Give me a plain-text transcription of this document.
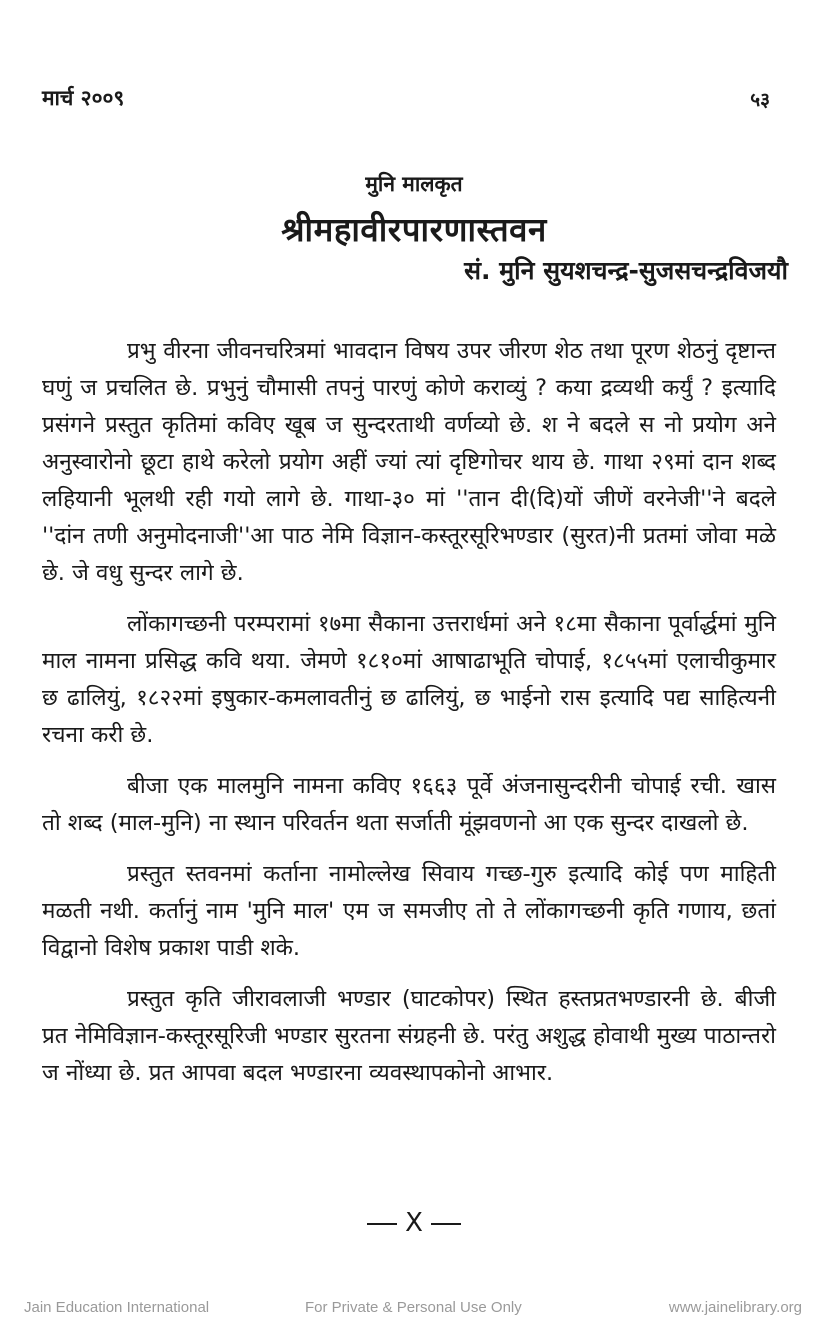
मार्च २००९	५३
मुनि मालकृत
श्रीमहावीरपारणास्तवन
सं. मुनि सुयशचन्द्र-सुजसचन्द्रविजयौ

प्रभु वीरना जीवनचरित्रमां भावदान विषय उपर जीरण शेठ तथा पूरण शेठनुं दृष्टान्त घणुं ज प्रचलित छे. प्रभुनुं चौमासी तपनुं पारणुं कोणे कराव्युं ? कया द्रव्यथी कर्युं ? इत्यादि प्रसंगने प्रस्तुत कृतिमां कविए खूब ज सुन्दरताथी वर्णव्यो छे. श ने बदले स नो प्रयोग अने अनुस्वारोनो छूटा हाथे करेलो प्रयोग अहीं ज्यां त्यां दृष्टिगोचर थाय छे. गाथा २९मां दान शब्द लहियानी भूलथी रही गयो लागे छे. गाथा-३० मां ''तान दी(दि)यों जीणें वरनेजी''ने बदले ''दांन तणी अनुमोदनाजी''आ पाठ नेमि विज्ञान-कस्तूरसूरिभण्डार (सुरत)नी प्रतमां जोवा मळे छे. जे वधु सुन्दर लागे छे.

लोंकागच्छनी परम्परामां १७मा सैकाना उत्तरार्धमां अने १८मा सैकाना पूर्वार्द्धमां मुनि माल नामना प्रसिद्ध कवि थया. जेमणे १८१०मां आषाढाभूति चोपाई, १८५५मां एलाचीकुमार छ ढालियुं, १८२२मां इषुकार-कमलावतीनुं छ ढालियुं, छ भाईनो रास इत्यादि पद्य साहित्यनी रचना करी छे.

बीजा एक मालमुनि नामना कविए १६६३ पूर्वे अंजनासुन्दरीनी चोपाई रची. खास तो शब्द (माल-मुनि) ना स्थान परिवर्तन थता सर्जाती मूंझवणनो आ एक सुन्दर दाखलो छे.

प्रस्तुत स्तवनमां कर्ताना नामोल्लेख सिवाय गच्छ-गुरु इत्यादि कोई पण माहिती मळती नथी. कर्तानुं नाम 'मुनि माल' एम ज समजीए तो ते लोंकागच्छनी कृति गणाय, छतां विद्वानो विशेष प्रकाश पाडी शके.

प्रस्तुत कृति जीरावलाजी भण्डार (घाटकोपर) स्थित हस्तप्रतभण्डारनी छे. बीजी प्रत नेमिविज्ञान-कस्तूरसूरिजी भण्डार सुरतना संग्रहनी छे. परंतु अशुद्ध होवाथी मुख्य पाठान्तरो ज नोंध्या छे. प्रत आपवा बदल भण्डारना व्यवस्थापकोनो आभार.

X
Jain Education International	For Private & Personal Use Only	www.jainelibrary.org
